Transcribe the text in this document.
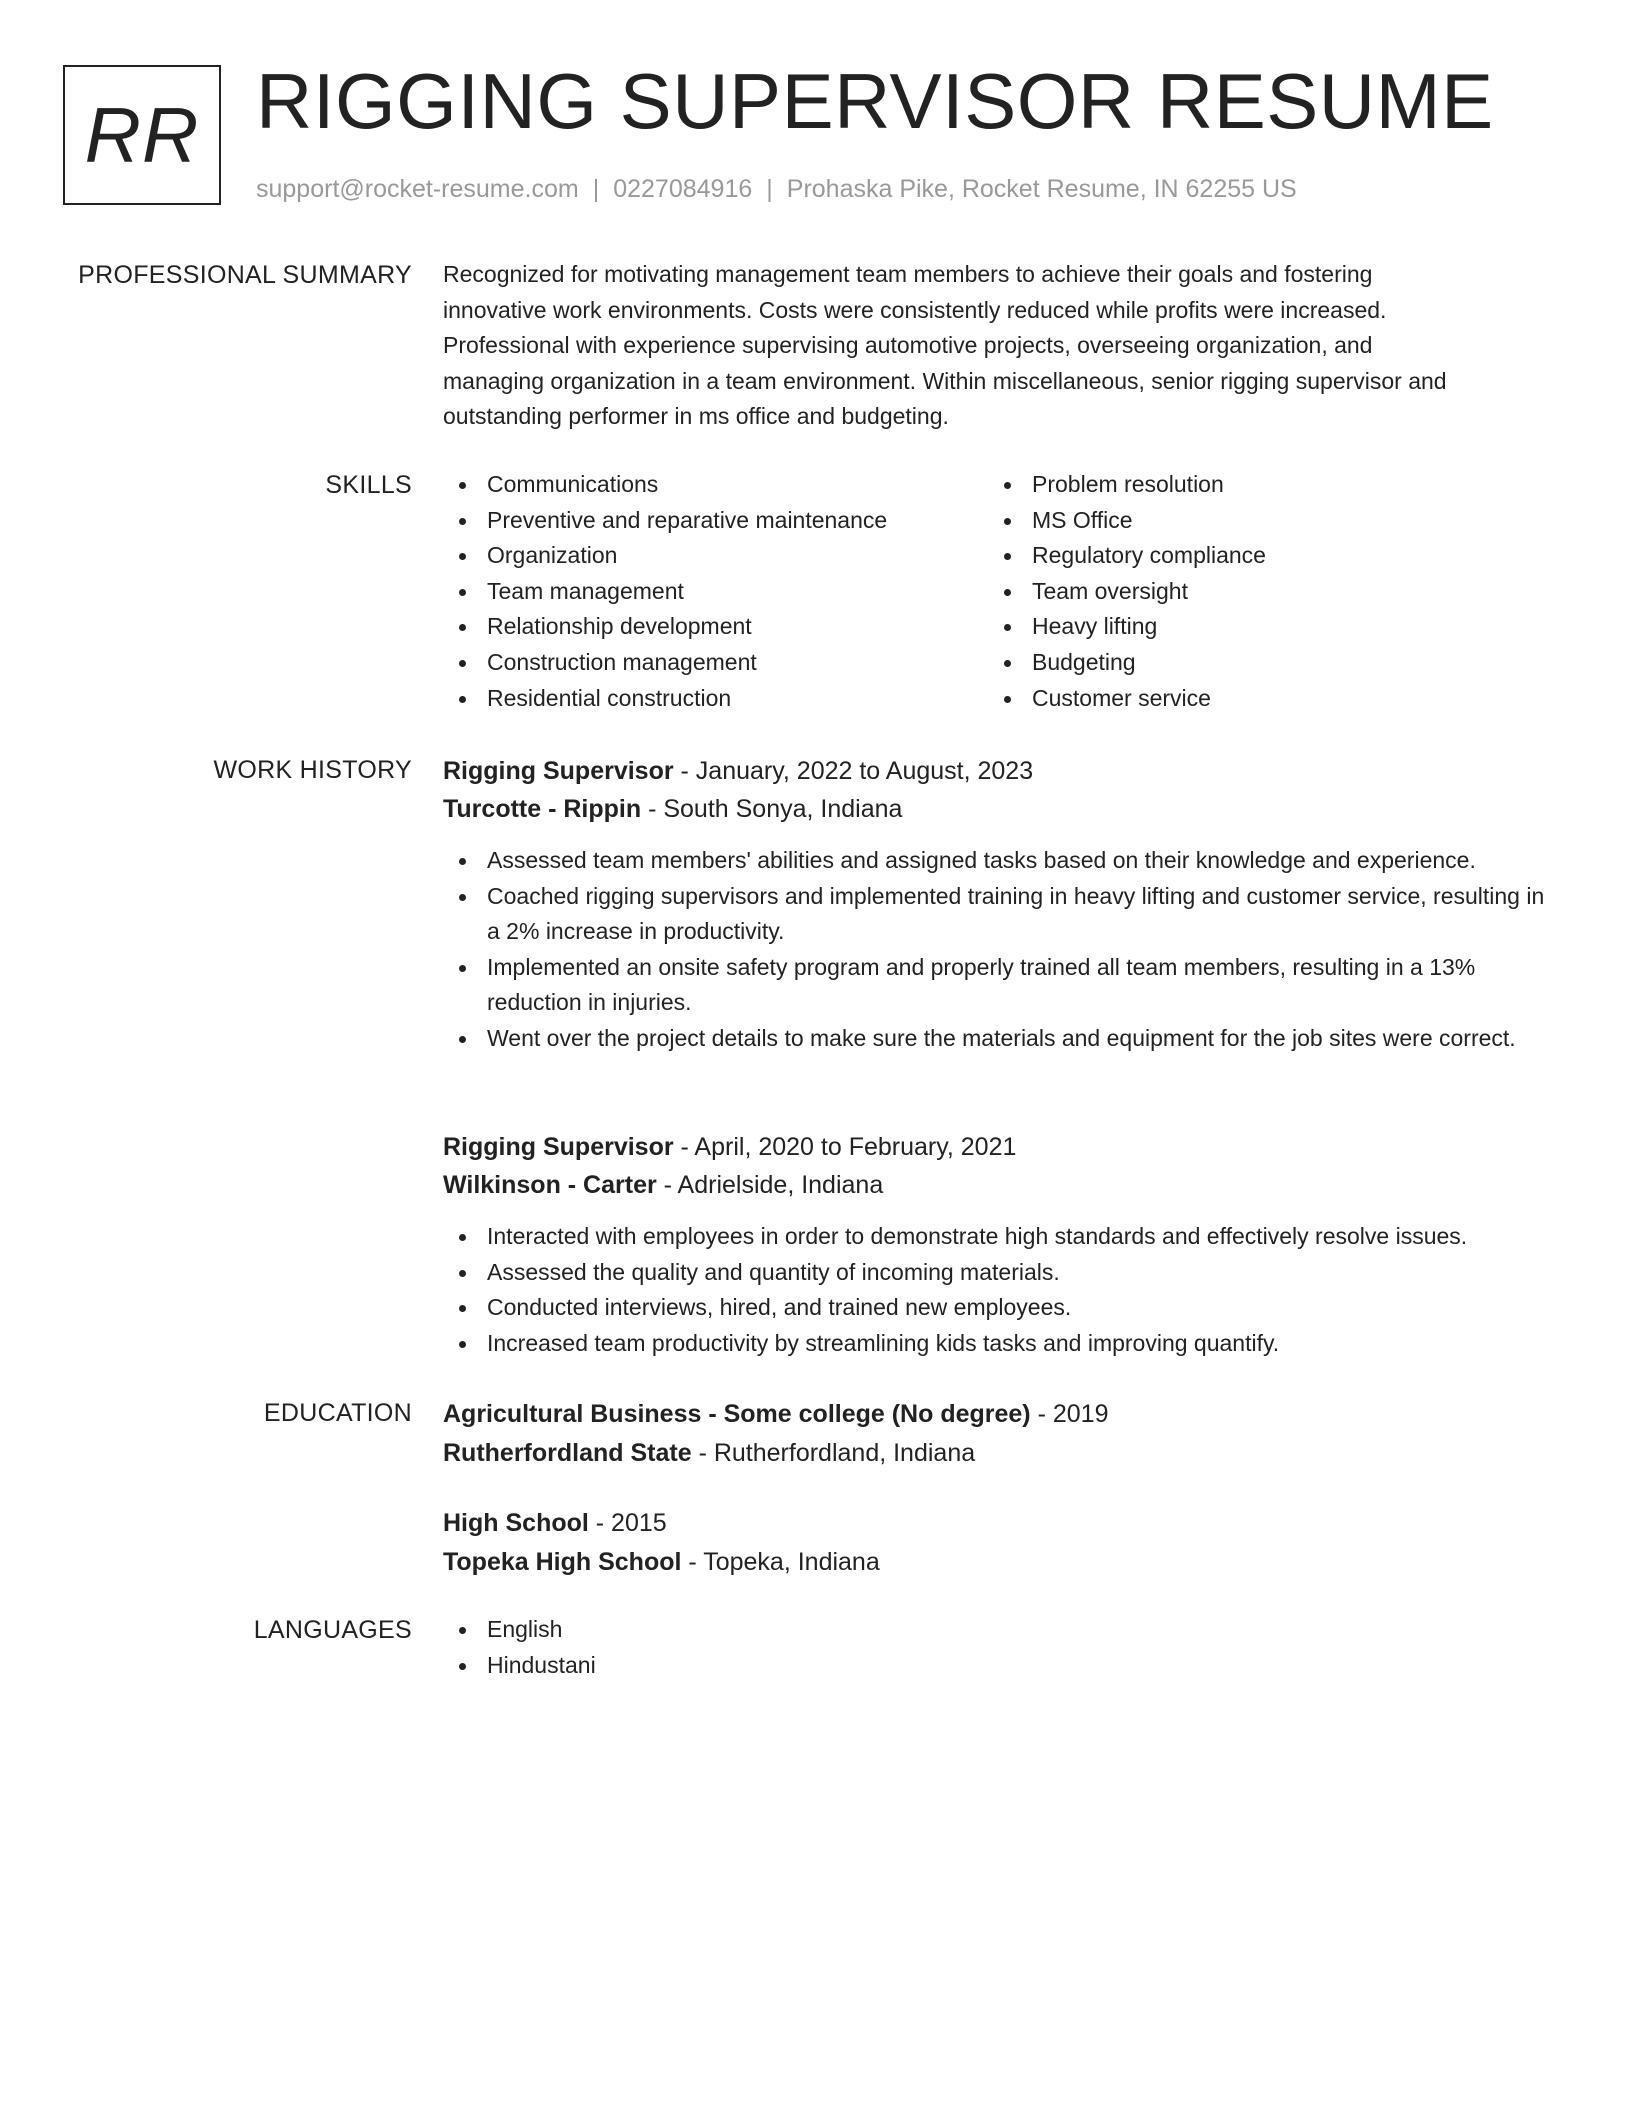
RR RIGGING SUPERVISOR RESUME
support@rocket-resume.com | 0227084916 | Prohaska Pike, Rocket Resume, IN 62255 US
PROFESSIONAL SUMMARY Recognized for motivating management team members to achieve their goals and fostering

innovative work environments. Costs were consistently reduced while profits were increased.

Professional with experience supervising automotive projects, overseeing organization, and

managing organization in a team environment. Within miscellaneous, senior rigging supervisor and

outstanding performer in ms office and budgeting.

SKILLS	Communications
Preventive and reparative maintenance
Organization
Team management
Relationship development
Construction management
Residential construction
Problem resolution
MS Office
Regulatory compliance
Team oversight
Heavy lifting
Budgeting
Customer service
WORK HISTORY Rigging Supervisor - January, 2022 to August, 2023
Turcotte - Rippin - South Sonya, Indiana
Assessed team members' abilities and assigned tasks based on their knowledge and experience.
Coached rigging supervisors and implemented training in heavy lifting and customer service, resulting in a 2% increase in productivity.
Implemented an onsite safety program and properly trained all team members, resulting in a 13% reduction in injuries.
Went over the project details to make sure the materials and equipment for the job sites were correct.
Rigging Supervisor - April, 2020 to February, 2021
Wilkinson - Carter - Adrielside, Indiana
Interacted with employees in order to demonstrate high standards and effectively resolve issues.
Assessed the quality and quantity of incoming materials.
Conducted interviews, hired, and trained new employees.
Increased team productivity by streamlining kids tasks and improving quantify.
EDUCATION Agricultural Business - Some college (No degree) - 2019
Rutherfordland State - Rutherfordland, Indiana
High School - 2015
Topeka High School - Topeka, Indiana
LANGUAGES	English
Hindustani
